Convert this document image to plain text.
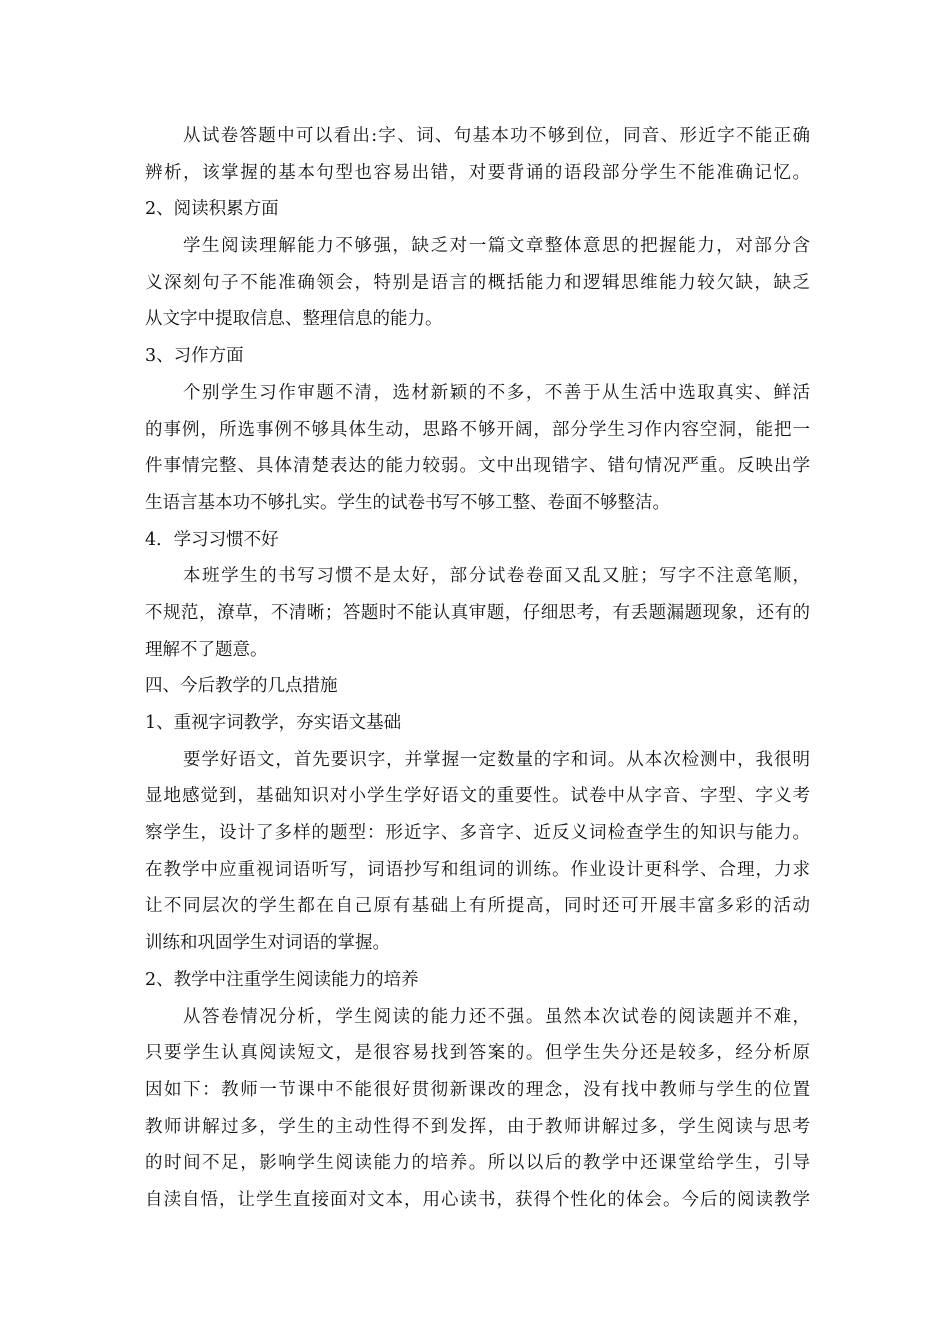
从试卷答题中可以看出:字、词、句基本功不够到位，同音、形近字不能正确
辨析，该掌握的基本句型也容易出错，对要背诵的语段部分学生不能准确记忆。
2、阅读积累方面
学生阅读理解能力不够强，缺乏对一篇文章整体意思的把握能力，对部分含
义深刻句子不能准确领会，特别是语言的概括能力和逻辑思维能力较欠缺，缺乏
从文字中提取信息、整理信息的能力。
3、习作方面
个别学生习作审题不清，选材新颖的不多，不善于从生活中选取真实、鲜活
的事例，所选事例不够具体生动，思路不够开阔，部分学生习作内容空洞，能把一
件事情完整、具体清楚表达的能力较弱。文中出现错字、错句情况严重。反映出学
生语言基本功不够扎实。学生的试卷书写不够工整、卷面不够整洁。
4．学习习惯不好
本班学生的书写习惯不是太好，部分试卷卷面又乱又脏；写字不注意笔顺，
不规范，潦草，不清晰；答题时不能认真审题，仔细思考，有丢题漏题现象，还有的
理解不了题意。
四、今后教学的几点措施
1、重视字词教学，夯实语文基础
要学好语文，首先要识字，并掌握一定数量的字和词。从本次检测中，我很明
显地感觉到，基础知识对小学生学好语文的重要性。试卷中从字音、字型、字义考
察学生，设计了多样的题型：形近字、多音字、近反义词检查学生的知识与能力。
在教学中应重视词语听写，词语抄写和组词的训练。作业设计更科学、合理，力求
让不同层次的学生都在自己原有基础上有所提高，同时还可开展丰富多彩的活动
训练和巩固学生对词语的掌握。
2、教学中注重学生阅读能力的培养
从答卷情况分析，学生阅读的能力还不强。虽然本次试卷的阅读题并不难，
只要学生认真阅读短文，是很容易找到答案的。但学生失分还是较多，经分析原
因如下：教师一节课中不能很好贯彻新课改的理念，没有找中教师与学生的位置
教师讲解过多，学生的主动性得不到发挥，由于教师讲解过多，学生阅读与思考
的时间不足，影响学生阅读能力的培养。所以以后的教学中还课堂给学生，引导
自渎自悟，让学生直接面对文本，用心读书，获得个性化的体会。今后的阅读教学
